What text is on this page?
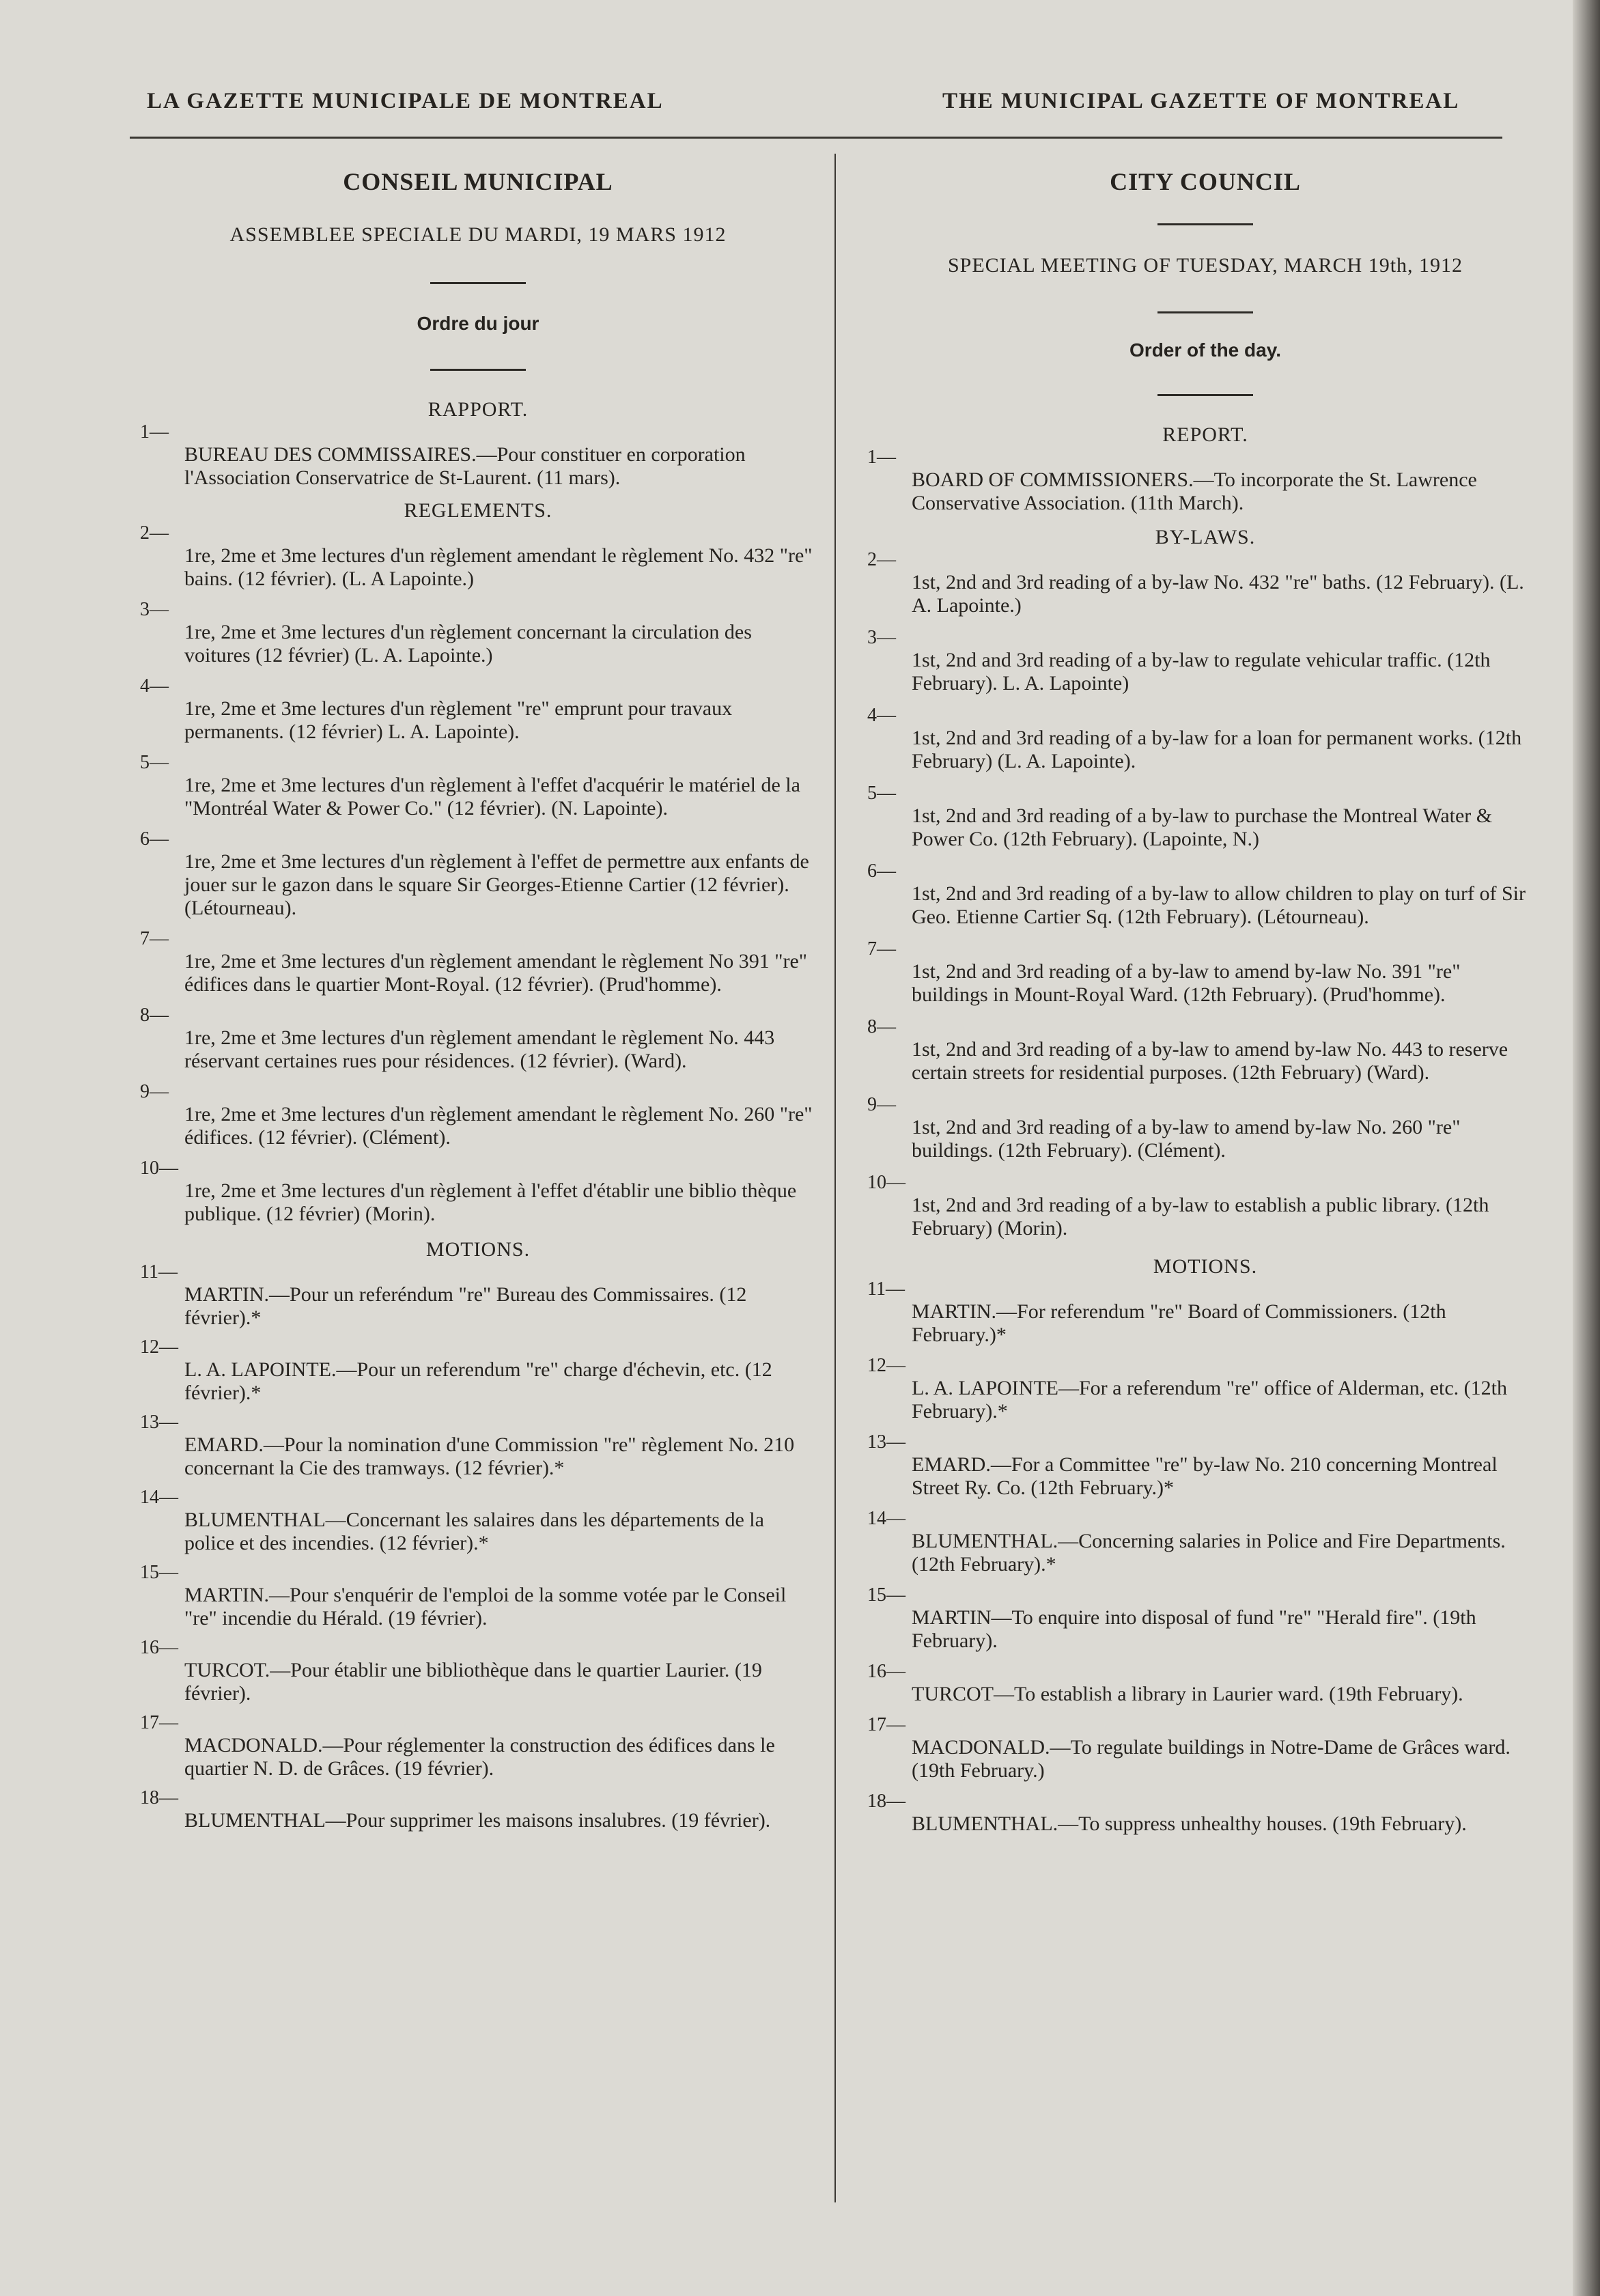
LA GAZETTE MUNICIPALE DE MONTREAL	THE MUNICIPAL GAZETTE OF MONTREAL
CONSEIL MUNICIPAL
ASSEMBLEE SPECIALE DU MARDI, 19 MARS 1912
Ordre du jour
RAPPORT.
1—
BUREAU DES COMMISSAIRES.—Pour constituer en corporation l'Association Conservatrice de St-Laurent. (11 mars).
REGLEMENTS.
2—
1re, 2me et 3me lectures d'un règlement amendant le règlement No. 432 "re" bains. (12 février). (L. A Lapointe.)
3—
1re, 2me et 3me lectures d'un règlement concernant la circulation des voitures (12 février) (L. A. Lapointe.)
4—
1re, 2me et 3me lectures d'un règlement "re" emprunt pour travaux permanents. (12 février) L. A. Lapointe).
5—
1re, 2me et 3me lectures d'un règlement à l'effet d'acquérir le matériel de la "Montréal Water & Power Co." (12 février). (N. Lapointe).
6—
1re, 2me et 3me lectures d'un règlement à l'effet de permettre aux enfants de jouer sur le gazon dans le square Sir Georges-Etienne Cartier (12 février). (Létourneau).
7—
1re, 2me et 3me lectures d'un règlement amendant le règlement No 391 "re" édifices dans le quartier Mont-Royal. (12 février). (Prud'homme).
8—
1re, 2me et 3me lectures d'un règlement amendant le règlement No. 443 réservant certaines rues pour résidences. (12 février). (Ward).
9—
1re, 2me et 3me lectures d'un règlement amendant le règlement No. 260 "re" édifices. (12 février). (Clément).
10—
1re, 2me et 3me lectures d'un règlement à l'effet d'établir une biblio thèque publique. (12 février) (Morin).
MOTIONS.
11—
MARTIN.—Pour un referéndum "re" Bureau des Commissaires. (12 février).*
12—
L. A. LAPOINTE.—Pour un referendum "re" charge d'échevin, etc. (12 février).*
13—
EMARD.—Pour la nomination d'une Commission "re" règlement No. 210 concernant la Cie des tramways. (12 février).*
14—
BLUMENTHAL—Concernant les salaires dans les départements de la police et des incendies. (12 février).*
15—
MARTIN.—Pour s'enquérir de l'emploi de la somme votée par le Conseil "re" incendie du Hérald. (19 février).
16—
TURCOT.—Pour établir une bibliothèque dans le quartier Laurier. (19 février).
17—
MACDONALD.—Pour réglementer la construction des édifices dans le quartier N. D. de Grâces. (19 février).
18—
BLUMENTHAL—Pour supprimer les maisons insalubres. (19 février).
CITY COUNCIL
SPECIAL MEETING OF TUESDAY, MARCH 19th, 1912
Order of the day.
REPORT.
1—
BOARD OF COMMISSIONERS.—To incorporate the St. Lawrence Conservative Association. (11th March).
BY-LAWS.
2—
1st, 2nd and 3rd reading of a by-law No. 432 "re" baths. (12 February). (L. A. Lapointe.)
3—
1st, 2nd and 3rd reading of a by-law to regulate vehicular traffic. (12th February). L. A. Lapointe)
4—
1st, 2nd and 3rd reading of a by-law for a loan for permanent works. (12th February) (L. A. Lapointe).
5—
1st, 2nd and 3rd reading of a by-law to purchase the Montreal Water & Power Co. (12th February). (Lapointe, N.)
6—
1st, 2nd and 3rd reading of a by-law to allow children to play on turf of Sir Geo. Etienne Cartier Sq. (12th February). (Létourneau).
7—
1st, 2nd and 3rd reading of a by-law to amend by-law No. 391 "re" buildings in Mount-Royal Ward. (12th February). (Prud'homme).
8—
1st, 2nd and 3rd reading of a by-law to amend by-law No. 443 to reserve certain streets for residential purposes. (12th February) (Ward).
9—
1st, 2nd and 3rd reading of a by-law to amend by-law No. 260 "re" buildings. (12th February). (Clément).
10—
1st, 2nd and 3rd reading of a by-law to establish a public library. (12th February) (Morin).
MOTIONS.
11—
MARTIN.—For referendum "re" Board of Commissioners. (12th February.)*
12—
L. A. LAPOINTE—For a referendum "re" office of Alderman, etc. (12th February).*
13—
EMARD.—For a Committee "re" by-law No. 210 concerning Montreal Street Ry. Co. (12th February.)*
14—
BLUMENTHAL.—Concerning salaries in Police and Fire Departments. (12th February).*
15—
MARTIN—To enquire into disposal of fund "re" "Herald fire". (19th February).
16—
TURCOT—To establish a library in Laurier ward. (19th February).
17—
MACDONALD.—To regulate buildings in Notre-Dame de Grâces ward. (19th February.)
18—
BLUMENTHAL.—To suppress unhealthy houses. (19th February).
